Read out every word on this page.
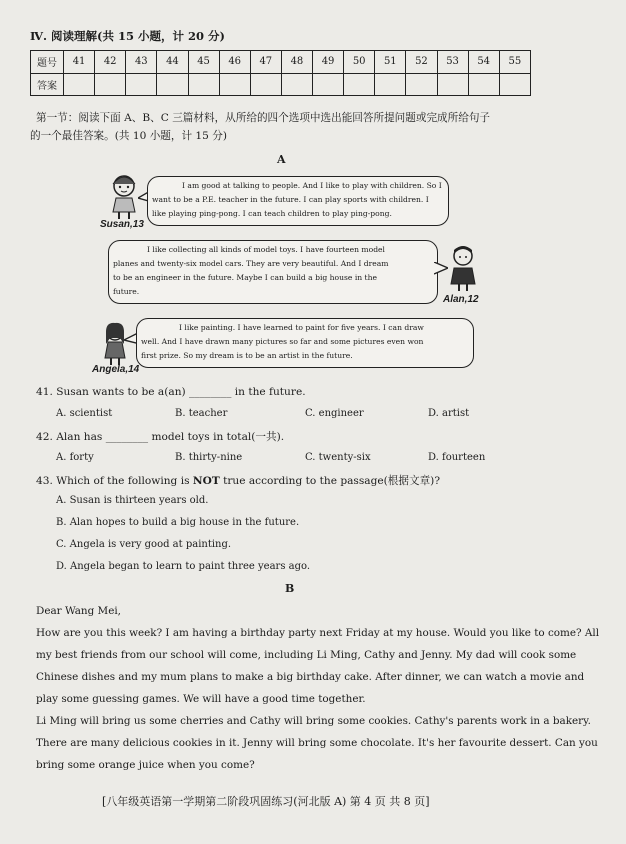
Ⅳ. 阅读理解(共 15 小题，计 20 分)
题号	41	42	43	44	45	46	47	48	49	50	51	52	53	54	55
答案															
第一节：阅读下面 A、B、C 三篇材料，从所给的四个选项中选出能回答所提问题或完成所给句子
的一个最佳答案。(共 10 小题，计 15 分)
A
Susan,13
I am good at talking to people. And I like to play with children. So I
want to be a P.E. teacher in the future. I can play sports with children. I
like playing ping-pong. I can teach children to play ping-pong.
I like collecting all kinds of model toys. I have fourteen model
planes and twenty-six model cars. They are very beautiful. And I dream
to be an engineer in the future. Maybe I can build a big house in the
future.
Alan,12
Angela,14
I like painting. I have learned to paint for five years. I can draw
well. And I have drawn many pictures so far and some pictures even won
first prize. So my dream is to be an artist in the future.
41. Susan wants to be a(an) ________ in the future.
A. scientist	B. teacher	C. engineer	D. artist
42. Alan has ________ model toys in total(一共).
A. forty	B. thirty-nine	C. twenty-six	D. fourteen
43. Which of the following is NOT true according to the passage(根据文章)?
A. Susan is thirteen years old.
B. Alan hopes to build a big house in the future.
C. Angela is very good at painting.
D. Angela began to learn to paint three years ago.
B
Dear Wang Mei,
How are you this week? I am having a birthday party next Friday at my house. Would you like to come? All
my best friends from our school will come, including Li Ming, Cathy and Jenny. My dad will cook some
Chinese dishes and my mum plans to make a big birthday cake. After dinner, we can watch a movie and
play some guessing games. We will have a good time together.
Li Ming will bring us some cherries and Cathy will bring some cookies. Cathy's parents work in a bakery.
There are many delicious cookies in it. Jenny will bring some chocolate. It's her favourite dessert. Can you
bring some orange juice when you come?
[八年级英语第一学期第二阶段巩固练习(河北版 A) 第 4 页 共 8 页]
